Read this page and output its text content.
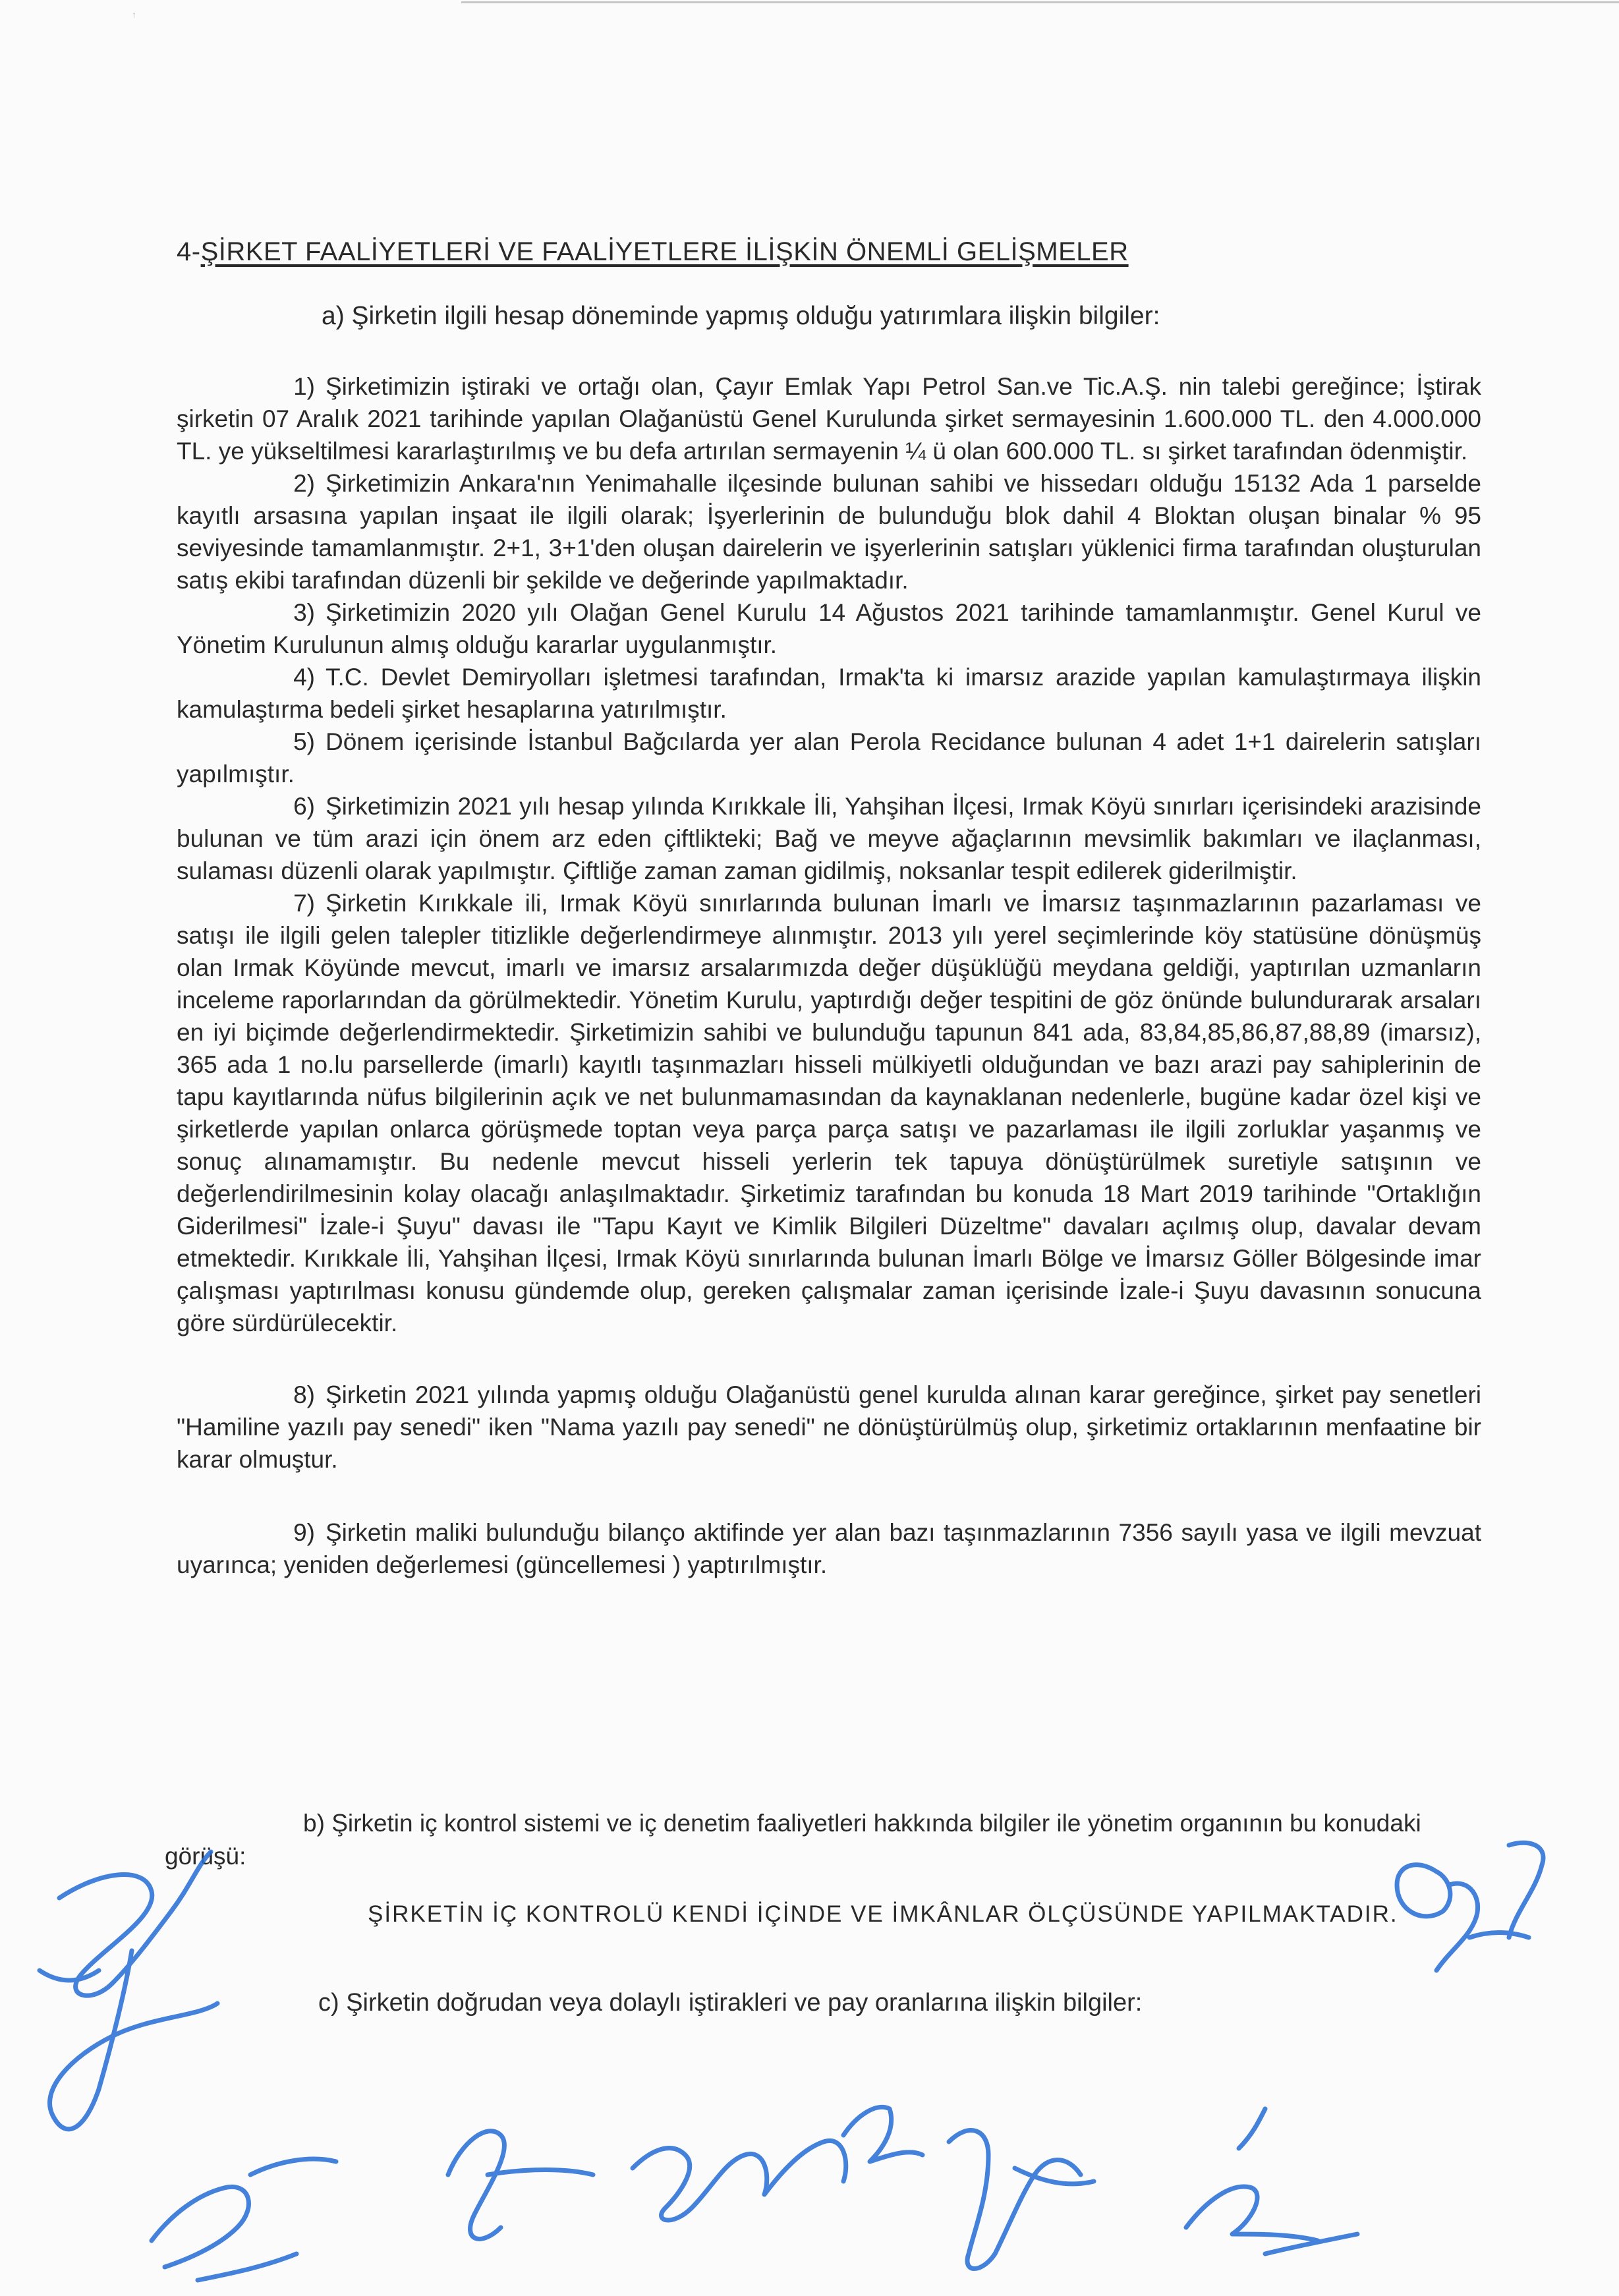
↑
4-ŞİRKET FAALİYETLERİ VE FAALİYETLERE İLİŞKİN ÖNEMLİ GELİŞMELER
a) Şirketin ilgili hesap döneminde yapmış olduğu yatırımlara ilişkin bilgiler:

1) Şirketimizin iştiraki ve ortağı olan, Çayır Emlak Yapı Petrol San.ve Tic.A.Ş. nin talebi gereğince; İştirak şirketin 07 Aralık 2021 tarihinde yapılan Olağanüstü Genel Kurulunda şirket sermayesinin 1.600.000 TL. den 4.000.000 TL. ye yükseltilmesi kararlaştırılmış ve bu defa artırılan sermayenin ¼ ü olan 600.000 TL. sı şirket tarafından ödenmiştir.

2) Şirketimizin Ankara'nın Yenimahalle ilçesinde bulunan sahibi ve hissedarı olduğu 15132 Ada 1 parselde kayıtlı arsasına yapılan inşaat ile ilgili olarak; İşyerlerinin de bulunduğu blok dahil 4 Bloktan oluşan binalar % 95 seviyesinde tamamlanmıştır. 2+1, 3+1'den oluşan dairelerin ve işyerlerinin satışları yüklenici firma tarafından oluşturulan satış ekibi tarafından düzenli bir şekilde ve değerinde yapılmaktadır.

3) Şirketimizin 2020 yılı Olağan Genel Kurulu 14 Ağustos 2021 tarihinde tamamlanmıştır. Genel Kurul ve Yönetim Kurulunun almış olduğu kararlar uygulanmıştır.

4) T.C. Devlet Demiryolları işletmesi tarafından, Irmak'ta ki imarsız arazide yapılan kamulaştırmaya ilişkin kamulaştırma bedeli şirket hesaplarına yatırılmıştır.

5) Dönem içerisinde İstanbul Bağcılarda yer alan Perola Recidance bulunan 4 adet 1+1 dairelerin satışları yapılmıştır.

6) Şirketimizin 2021 yılı hesap yılında Kırıkkale İli, Yahşihan İlçesi, Irmak Köyü sınırları içerisindeki arazisinde bulunan ve tüm arazi için önem arz eden çiftlikteki; Bağ ve meyve ağaçlarının mevsimlik bakımları ve ilaçlanması, sulaması düzenli olarak yapılmıştır. Çiftliğe zaman zaman gidilmiş, noksanlar tespit edilerek giderilmiştir.

7) Şirketin Kırıkkale ili, Irmak Köyü sınırlarında bulunan İmarlı ve İmarsız taşınmazlarının pazarlaması ve satışı ile ilgili gelen talepler titizlikle değerlendirmeye alınmıştır. 2013 yılı yerel seçimlerinde köy statüsüne dönüşmüş olan Irmak Köyünde mevcut, imarlı ve imarsız arsalarımızda değer düşüklüğü meydana geldiği, yaptırılan uzmanların inceleme raporlarından da görülmektedir. Yönetim Kurulu, yaptırdığı değer tespitini de göz önünde bulundurarak arsaları en iyi biçimde değerlendirmektedir. Şirketimizin sahibi ve bulunduğu tapunun 841 ada, 83,84,85,86,87,88,89 (imarsız), 365 ada 1 no.lu parsellerde (imarlı) kayıtlı taşınmazları hisseli mülkiyetli olduğundan ve bazı arazi pay sahiplerinin de tapu kayıtlarında nüfus bilgilerinin açık ve net bulunmamasından da kaynaklanan nedenlerle, bugüne kadar özel kişi ve şirketlerde yapılan onlarca görüşmede toptan veya parça parça satışı ve pazarlaması ile ilgili zorluklar yaşanmış ve sonuç alınamamıştır. Bu nedenle mevcut hisseli yerlerin tek tapuya dönüştürülmek suretiyle satışının ve değerlendirilmesinin kolay olacağı anlaşılmaktadır. Şirketimiz tarafından bu konuda 18 Mart 2019 tarihinde "Ortaklığın Giderilmesi" İzale-i Şuyu" davası ile "Tapu Kayıt ve Kimlik Bilgileri Düzeltme" davaları açılmış olup, davalar devam etmektedir. Kırıkkale İli, Yahşihan İlçesi, Irmak Köyü sınırlarında bulunan İmarlı Bölge ve İmarsız Göller Bölgesinde imar çalışması yaptırılması konusu gündemde olup, gereken çalışmalar zaman içerisinde İzale-i Şuyu davasının sonucuna göre sürdürülecektir.

8) Şirketin 2021 yılında yapmış olduğu Olağanüstü genel kurulda alınan karar gereğince, şirket pay senetleri "Hamiline yazılı pay senedi" iken "Nama yazılı pay senedi" ne dönüştürülmüş olup, şirketimiz ortaklarının menfaatine bir karar olmuştur.

9) Şirketin maliki bulunduğu bilanço aktifinde yer alan bazı taşınmazlarının 7356 sayılı yasa ve ilgili mevzuat uyarınca; yeniden değerlemesi (güncellemesi ) yaptırılmıştır.

b) Şirketin iç kontrol sistemi ve iç denetim faaliyetleri hakkında bilgiler ile yönetim organının bu konudaki görüşü:
ŞİRKETİN İÇ KONTROLÜ KENDİ İÇİNDE VE İMKÂNLAR ÖLÇÜSÜNDE YAPILMAKTADIR.
c) Şirketin doğrudan veya dolaylı iştirakleri ve pay oranlarına ilişkin bilgiler:
